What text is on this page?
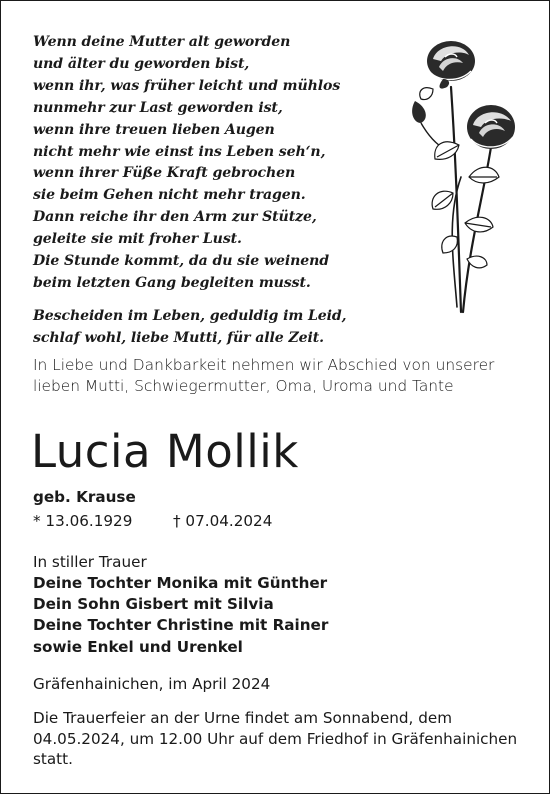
Wenn deine Mutter alt geworden
und älter du geworden bist,
wenn ihr, was früher leicht und mühlos
nunmehr zur Last geworden ist,
wenn ihre treuen lieben Augen
nicht mehr wie einst ins Leben seh‘n,
wenn ihrer Füße Kraft gebrochen
sie beim Gehen nicht mehr tragen.
Dann reiche ihr den Arm zur Stütze,
geleite sie mit froher Lust.
Die Stunde kommt, da du sie weinend
beim letzten Gang begleiten musst.
Bescheiden im Leben, geduldig im Leid,
schlaf wohl, liebe Mutti, für alle Zeit.
In Liebe und Dankbarkeit nehmen wir Abschied von unserer lieben Mutti, Schwiegermutter, Oma, Uroma und Tante
Lucia Mollik
geb. Krause
* 13.06.1929	† 07.04.2024
In stiller Trauer
Deine Tochter Monika mit Günther
Dein Sohn Gisbert mit Silvia
Deine Tochter Christine mit Rainer
sowie Enkel und Urenkel
Gräfenhainichen, im April 2024
Die Trauerfeier an der Urne findet am Sonnabend, dem 04.05.2024, um 12.00 Uhr auf dem Friedhof in Gräfenhainichen statt.
